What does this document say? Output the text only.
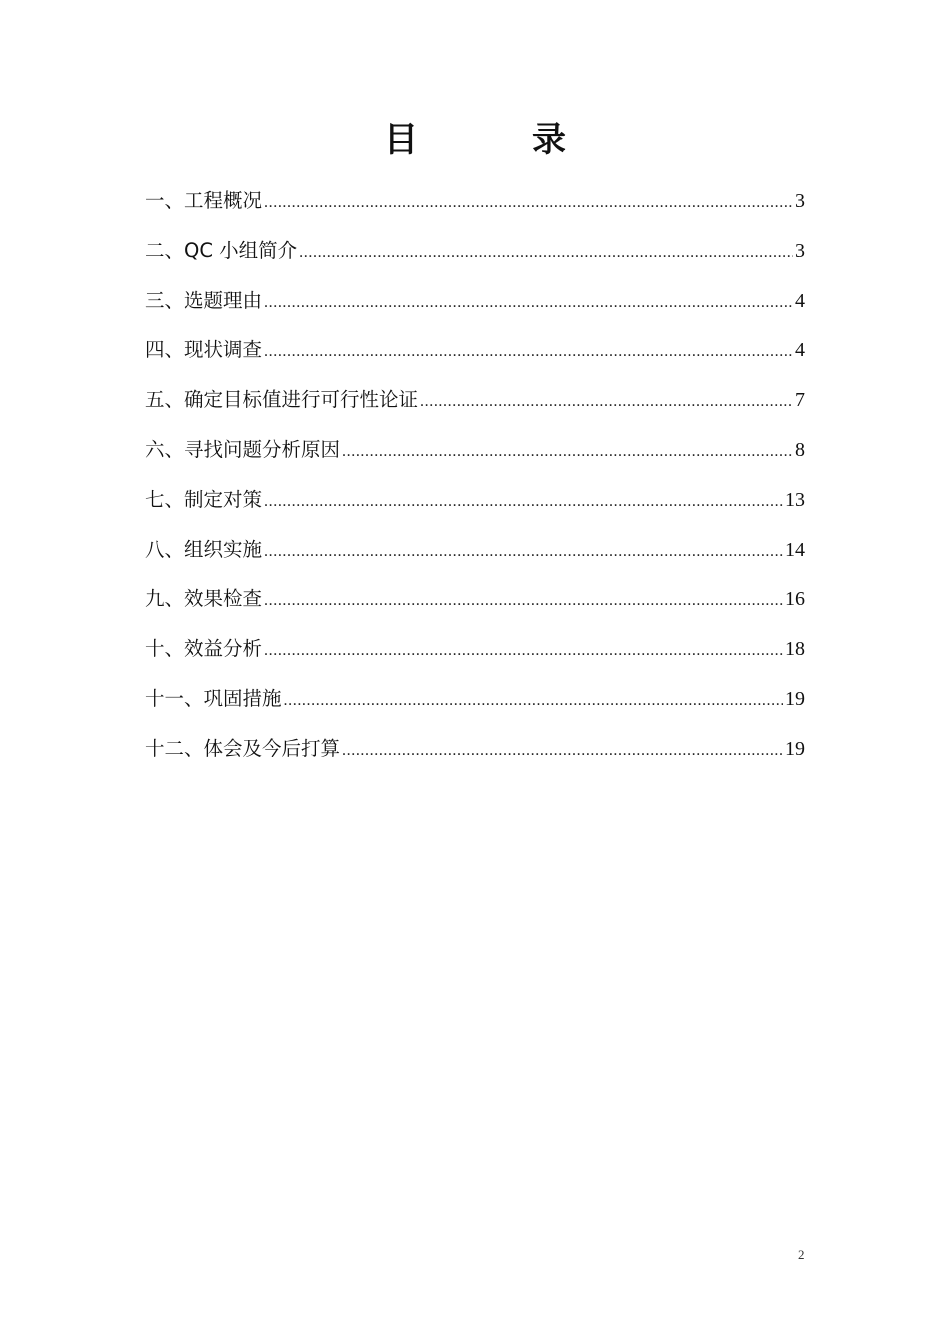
目　录
一、工程概况 .....	3
二、QC 小组简介 .....	3
三、选题理由 .....	4
四、现状调查 .....	4
五、确定目标值进行可行性论证 .....	7
六、寻找问题分析原因 .....	8
七、制定对策 .....	13
八、组织实施 .....	14
九、效果检查 .....	16
十、效益分析 .....	18
十一、巩固措施 .....	19
十二、体会及今后打算 .....	19
2
